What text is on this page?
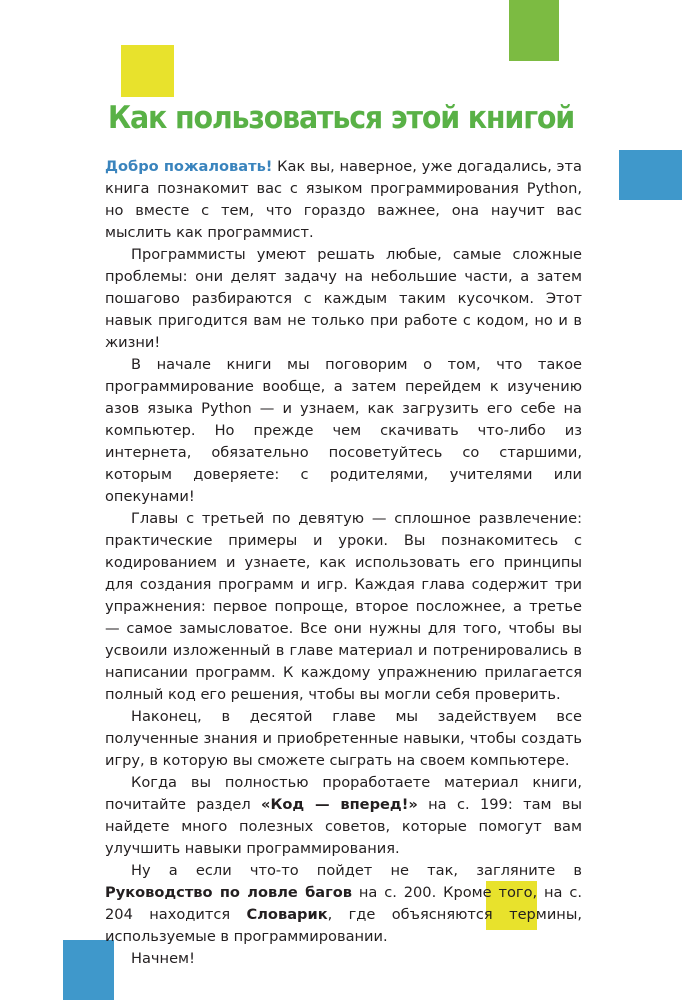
Как пользоваться этой книгой

Добро пожаловать! Как вы, наверное, уже догадались, эта книга познакомит вас с языком программирования Python, но вместе с тем, что гораздо важнее, она научит вас мыслить как программист.

Программисты умеют решать любые, самые сложные проблемы: они делят задачу на небольшие части, а затем пошагово разбираются с каждым таким кусочком. Этот навык пригодится вам не только при работе с кодом, но и в жизни!

В начале книги мы поговорим о том, что такое программирование вообще, а затем перейдем к изучению азов языка Python — и узнаем, как загрузить его себе на компьютер. Но прежде чем скачивать что-либо из интернета, обязательно посоветуйтесь со старшими, которым доверяете: с родителями, учителями или опекунами!

Главы с третьей по девятую — сплошное развлечение: практические примеры и уроки. Вы познакомитесь с кодированием и узнаете, как использовать его принципы для создания программ и игр. Каждая глава содержит три упражнения: первое попроще, второе посложнее, а третье — самое замысловатое. Все они нужны для того, чтобы вы усвоили изложенный в главе материал и потренировались в написании программ. К каждому упражнению прилагается полный код его решения, чтобы вы могли себя проверить.

Наконец, в десятой главе мы задействуем все полученные знания и приобретенные навыки, чтобы создать игру, в которую вы сможете сыграть на своем компьютере.

Когда вы полностью проработаете материал книги, почитайте раздел «Код — вперед!» на с. 199: там вы найдете много полезных советов, которые помогут вам улучшить навыки программирования.

Ну а если что-то пойдет не так, загляните в Руководство по ловле багов на с. 200. Кроме того, на с. 204 находится Словарик, где объясняются термины, используемые в программировании.

Начнем!
